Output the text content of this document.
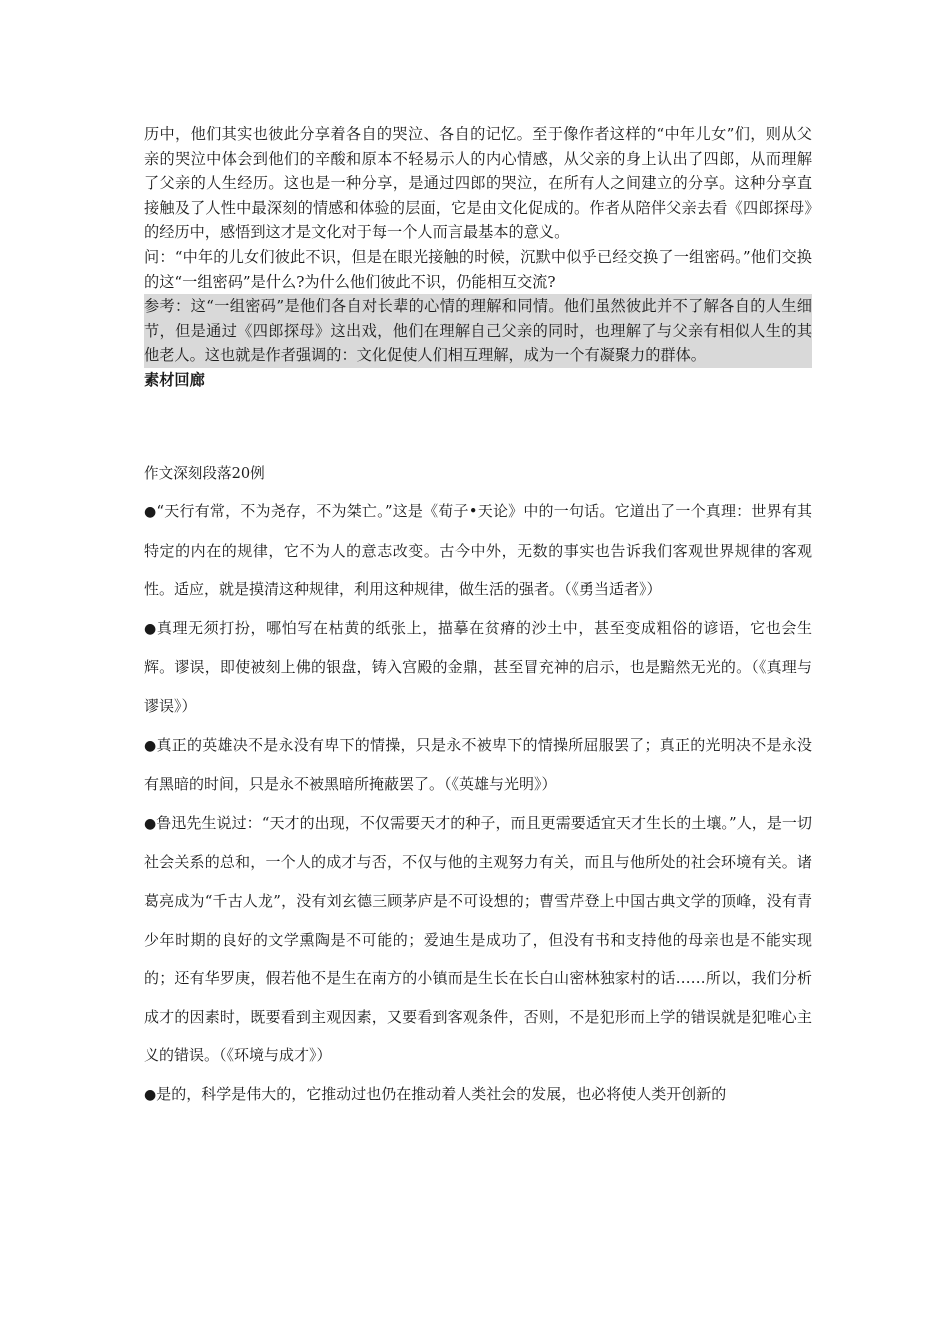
历中，他们其实也彼此分享着各自的哭泣、各自的记忆。至于像作者这样的“中年儿女”们，则从父亲的哭泣中体会到他们的辛酸和原本不轻易示人的内心情感，从父亲的身上认出了四郎，从而理解了父亲的人生经历。这也是一种分享，是通过四郎的哭泣，在所有人之间建立的分享。这种分享直接触及了人性中最深刻的情感和体验的层面，它是由文化促成的。作者从陪伴父亲去看《四郎探母》的经历中，感悟到这才是文化对于每一个人而言最基本的意义。

问：“中年的儿女们彼此不识，但是在眼光接触的时候，沉默中似乎已经交换了一组密码。”他们交换的这“一组密码”是什么?为什么他们彼此不识，仍能相互交流?

参考：这“一组密码”是他们各自对长辈的心情的理解和同情。他们虽然彼此并不了解各自的人生细节，但是通过《四郎探母》这出戏，他们在理解自己父亲的同时，也理解了与父亲有相似人生的其他老人。这也就是作者强调的：文化促使人们相互理解，成为一个有凝聚力的群体。

素材回廊

作文深刻段落20例

●“天行有常，不为尧存，不为桀亡。”这是《荀子•天论》中的一句话。它道出了一个真理：世界有其特定的内在的规律，它不为人的意志改变。古今中外，无数的事实也告诉我们客观世界规律的客观性。适应，就是摸清这种规律，利用这种规律，做生活的强者。（《勇当适者》）

●真理无须打扮，哪怕写在枯黄的纸张上，描摹在贫瘠的沙土中，甚至变成粗俗的谚语，它也会生辉。谬误，即使被刻上佛的银盘，铸入宫殿的金鼎，甚至冒充神的启示，也是黯然无光的。（《真理与谬误》）

●真正的英雄决不是永没有卑下的情操，只是永不被卑下的情操所屈服罢了；真正的光明决不是永没有黑暗的时间，只是永不被黑暗所掩蔽罢了。（《英雄与光明》）

●鲁迅先生说过：“天才的出现，不仅需要天才的种子，而且更需要适宜天才生长的土壤。”人，是一切社会关系的总和，一个人的成才与否，不仅与他的主观努力有关，而且与他所处的社会环境有关。诸葛亮成为“千古人龙”，没有刘玄德三顾茅庐是不可设想的；曹雪芹登上中国古典文学的顶峰，没有青少年时期的良好的文学熏陶是不可能的；爱迪生是成功了，但没有书和支持他的母亲也是不能实现的；还有华罗庚，假若他不是生在南方的小镇而是生长在长白山密林独家村的话……所以，我们分析成才的因素时，既要看到主观因素，又要看到客观条件，否则，不是犯形而上学的错误就是犯唯心主义的错误。（《环境与成才》）

●是的，科学是伟大的，它推动过也仍在推动着人类社会的发展，也必将使人类开创新的
